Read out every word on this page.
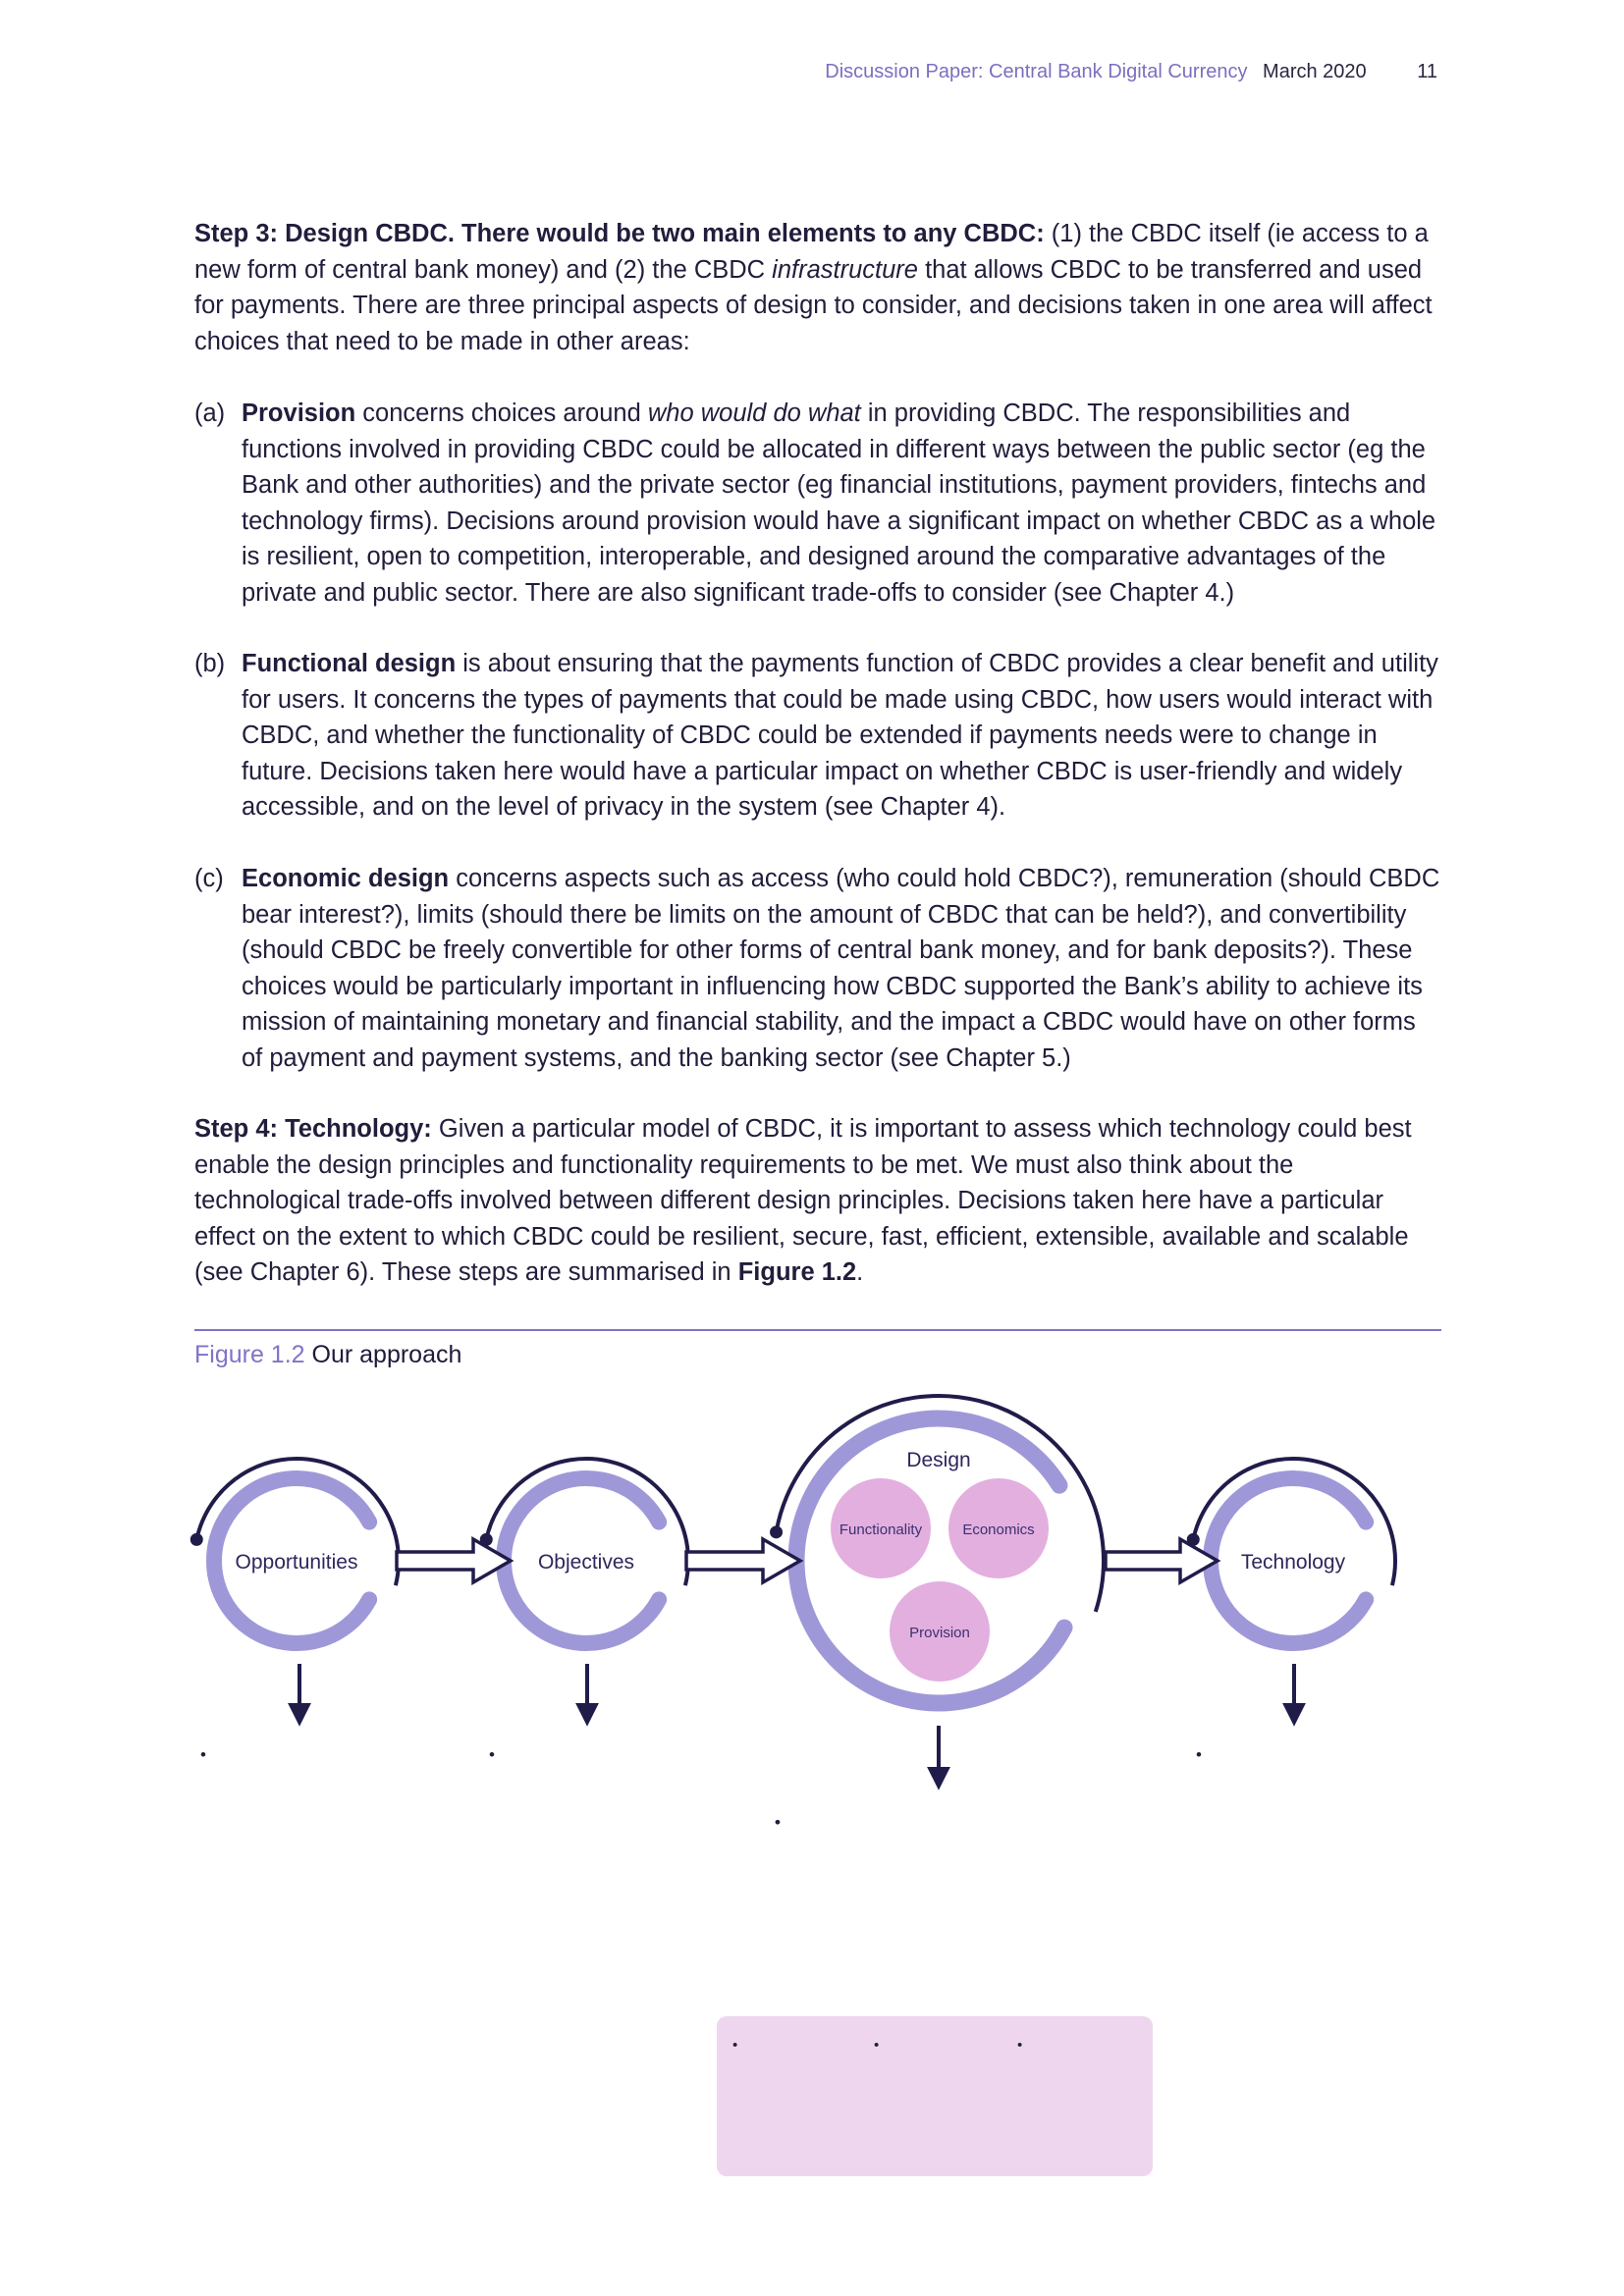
Discussion Paper: Central Bank Digital Currency March 2020	11

Step 3: Design CBDC. There would be two main elements to any CBDC: (1) the CBDC itself (ie access to a new form of central bank money) and (2) the CBDC infrastructure that allows CBDC to be transferred and used for payments. There are three principal aspects of design to consider, and decisions taken in one area will affect choices that need to be made in other areas:

(a) Provision concerns choices around who would do what in providing CBDC. The responsibilities and functions involved in providing CBDC could be allocated in different ways between the public sector (eg the Bank and other authorities) and the private sector (eg financial institutions, payment providers, fintechs and technology firms). Decisions around provision would have a significant impact on whether CBDC as a whole is resilient, open to competition, interoperable, and designed around the comparative advantages of the private and public sector. There are also significant trade-offs to consider (see Chapter 4.)
(b) Functional design is about ensuring that the payments function of CBDC provides a clear benefit and utility for users. It concerns the types of payments that could be made using CBDC, how users would interact with CBDC, and whether the functionality of CBDC could be extended if payments needs were to change in future. Decisions taken here would have a particular impact on whether CBDC is user-friendly and widely accessible, and on the level of privacy in the system (see Chapter 4).
(c) Economic design concerns aspects such as access (who could hold CBDC?), remuneration (should CBDC bear interest?), limits (should there be limits on the amount of CBDC that can be held?), and convertibility (should CBDC be freely convertible for other forms of central bank money, and for bank deposits?). These choices would be particularly important in influencing how CBDC supported the Bank’s ability to achieve its mission of maintaining monetary and financial stability, and the impact a CBDC would have on other forms of payment and payment systems, and the banking sector (see Chapter 5.)

Step 4: Technology: Given a particular model of CBDC, it is important to assess which technology could best enable the design principles and functionality requirements to be met. We must also think about the technological trade-offs involved between different design principles. Decisions taken here have a particular effect on the extent to which CBDC could be resilient, secure, fast, efficient, extensible, available and scalable (see Chapter 6). These steps are summarised in Figure 1.2.

Figure 1.2 Our approach
Opportunities	Objectives	Technology
Design
Functionality	Economics
Provision
